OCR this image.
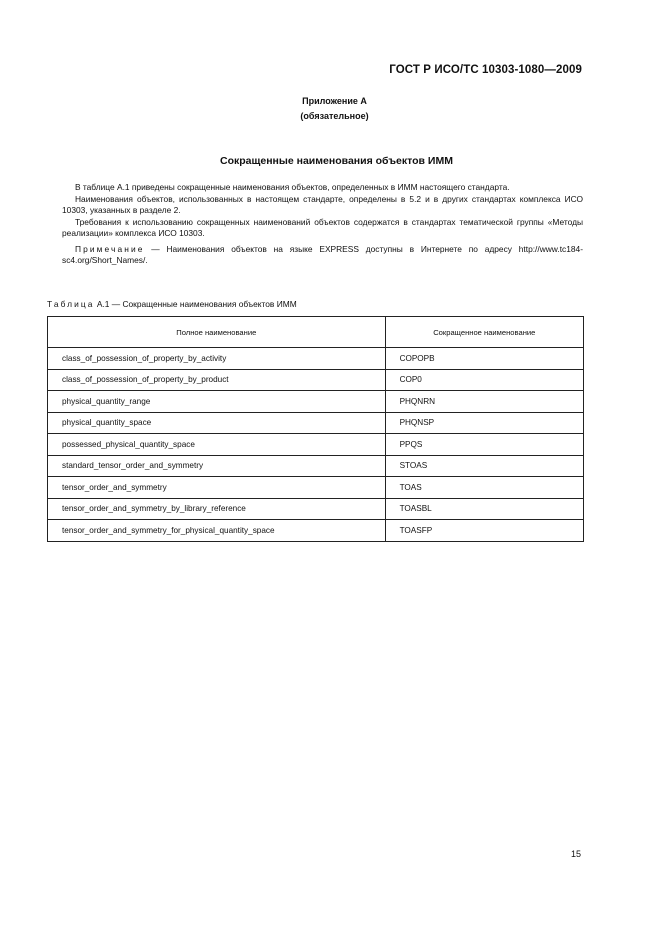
ГОСТ Р ИСО/ТС 10303-1080—2009
Приложение А
(обязательное)
Сокращенные наименования объектов ИММ

В таблице А.1 приведены сокращенные наименования объектов, определенных в ИММ настоящего стандарта.

Наименования объектов, использованных в настоящем стандарте, определены в 5.2 и в других стандартах комплекса ИСО 10303, указанных в разделе 2.

Требования к использованию сокращенных наименований объектов содержатся в стандартах тематической группы «Методы реализации» комплекса ИСО 10303.

Примечание — Наименования объектов на языке EXPRESS доступны в Интернете по адресу http://www.tc184-sc4.org/Short_Names/.

Таблица А.1 — Сокращенные наименования объектов ИММ
Полное наименование	Сокращенное наименование
class_of_possession_of_property_by_activity	COPOPB
class_of_possession_of_property_by_product	COP0
physical_quantity_range	PHQNRN
physical_quantity_space	PHQNSP
possessed_physical_quantity_space	PPQS
standard_tensor_order_and_symmetry	STOAS
tensor_order_and_symmetry	TOAS
tensor_order_and_symmetry_by_library_reference	TOASBL
tensor_order_and_symmetry_for_physical_quantity_space	TOASFP
15
